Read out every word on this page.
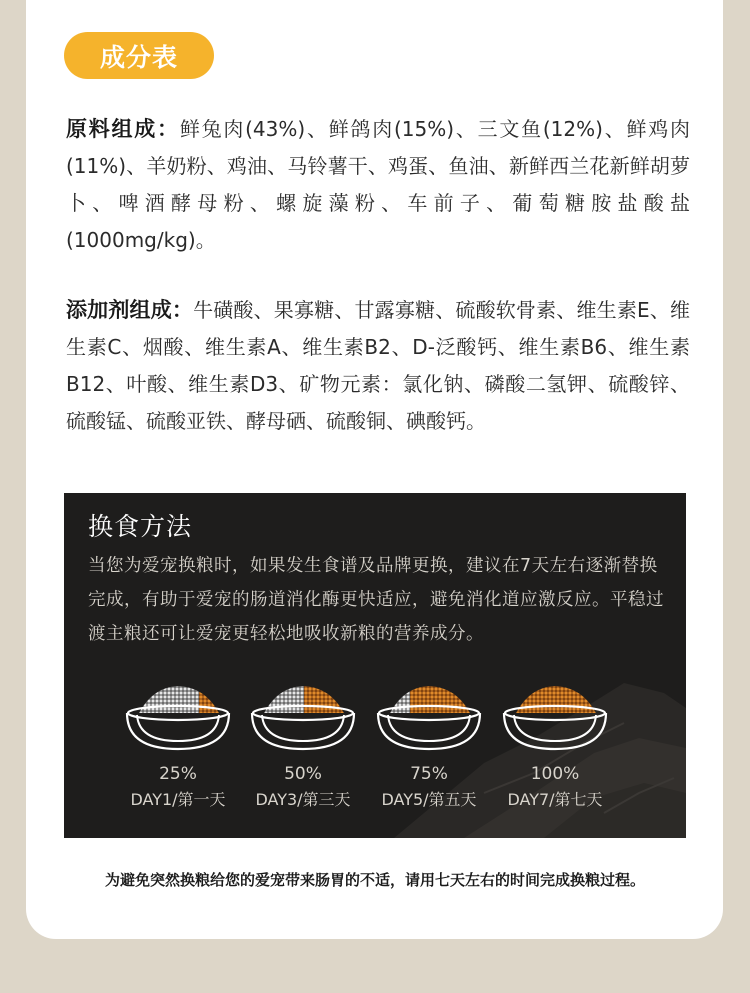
成分表
原料组成：鲜兔肉(43%)、鲜鸽肉(15%)、三文鱼(12%)、鲜鸡肉(11%)、羊奶粉、鸡油、马铃薯干、鸡蛋、鱼油、新鲜西兰花新鲜胡萝 卜、啤酒酵母粉、螺旋藻粉、车前子、葡萄糖胺盐酸盐(1000mg/kg)。
添加剂组成：牛磺酸、果寡糖、甘露寡糖、硫酸软骨素、维生素E、维生素C、烟酸、维生素A、维生素B2、D-泛酸钙、维生素B6、维生素B12、叶酸、维生素D3、矿物元素：氯化钠、磷酸二氢钾、硫酸锌、硫酸锰、硫酸亚铁、酵母硒、硫酸铜、碘酸钙。
换食方法
当您为爱宠换粮时，如果发生食谱及品牌更换，建议在7天左右逐渐替换完成，有助于爱宠的肠道消化酶更快适应，避免消化道应激反应。平稳过渡主粮还可让爱宠更轻松地吸收新粮的营养成分。
25%
DAY1/第一天
50%
DAY3/第三天
75%
DAY5/第五天
100%
DAY7/第七天
为避免突然换粮给您的爱宠带来肠胃的不适，请用七天左右的时间完成换粮过程。
